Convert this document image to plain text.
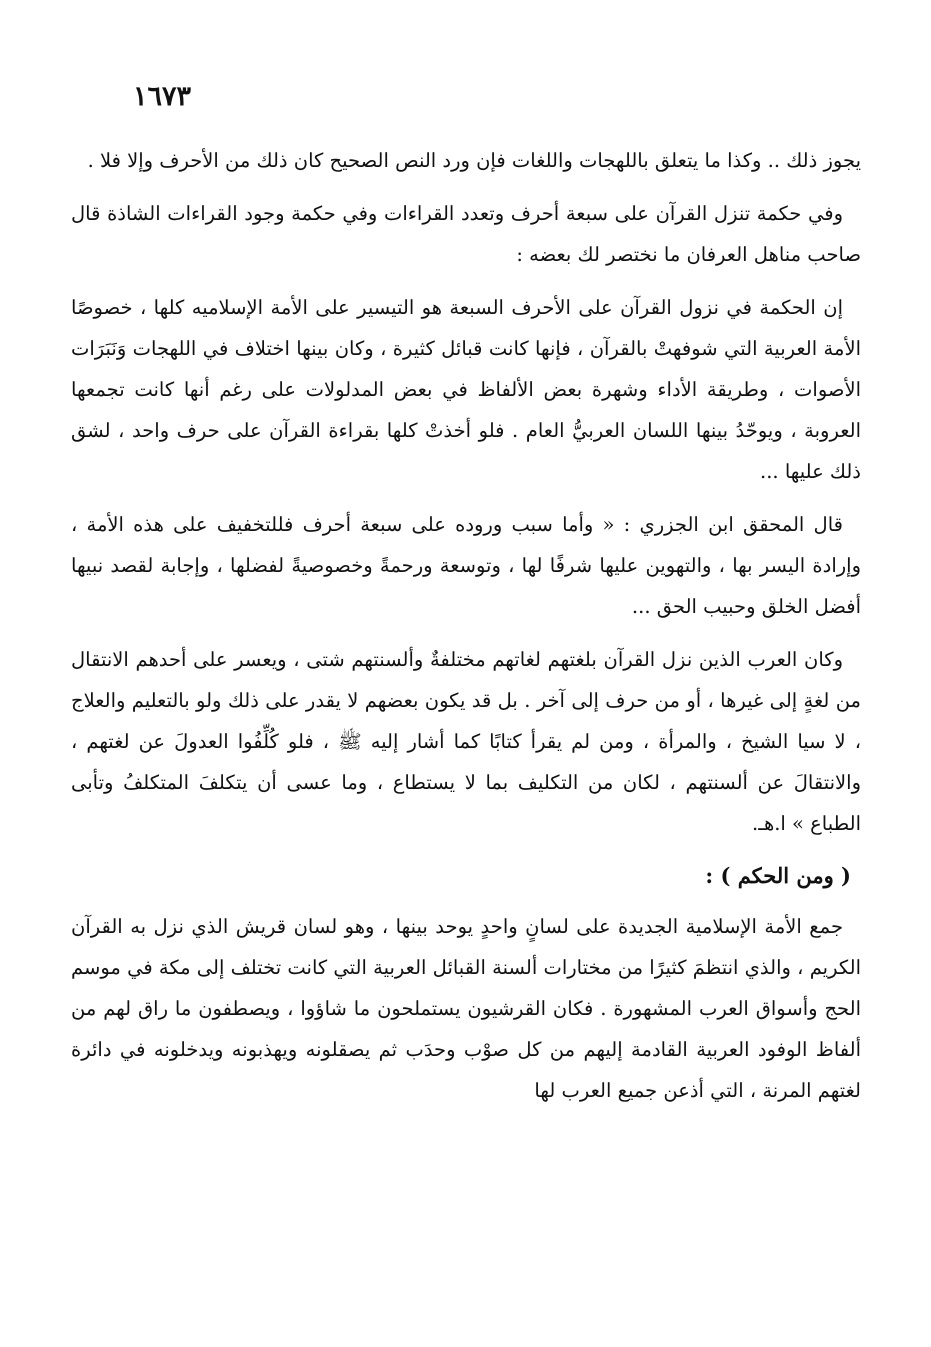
١٦٧٣

يجوز ذلك .. وكذا ما يتعلق باللهجات واللغات فإن ورد النص الصحيح كان ذلك من الأحرف وإلا فلا .

وفي حكمة تنزل القرآن على سبعة أحرف وتعدد القراءات وفي حكمة وجود القراءات الشاذة قال صاحب مناهل العرفان ما نختصر لك بعضه :

إن الحكمة في نزول القرآن على الأحرف السبعة هو التيسير على الأمة الإسلاميه كلها ، خصوصًا الأمة العربية التي شوفهتْ بالقرآن ، فإنها كانت قبائل كثيرة ، وكان بينها اختلاف في اللهجات وَنَبَرَات الأصوات ، وطريقة الأداء وشهرة بعض الألفاظ في بعض المدلولات على رغم أنها كانت تجمعها العروبة ، ويوحّدُ بينها اللسان العربيُّ العام . فلو أخذتْ كلها بقراءة القرآن على حرف واحد ، لشق ذلك عليها ...

قال المحقق ابن الجزري : « وأما سبب وروده على سبعة أحرف فللتخفيف على هذه الأمة ، وإرادة اليسر بها ، والتهوين عليها شرفًا لها ، وتوسعة ورحمةً وخصوصيةً لفضلها ، وإجابة لقصد نبيها أفضل الخلق وحبيب الحق ...

وكان العرب الذين نزل القرآن بلغتهم لغاتهم مختلفةٌ وألسنتهم شتى ، ويعسر على أحدهم الانتقال من لغةٍ إلى غيرها ، أو من حرف إلى آخر . بل قد يكون بعضهم لا يقدر على ذلك ولو بالتعليم والعلاج ، لا سيا الشيخ ، والمرأة ، ومن لم يقرأ كتابًا كما أشار إليه ﷺ ، فلو كُلِّفُوا العدولَ عن لغتهم ، والانتقالَ عن ألسنتهم ، لكان من التكليف بما لا يستطاع ، وما عسى أن يتكلفَ المتكلفُ وتأبى الطباع » ا.هـ.

( ومن الحكم ) :

جمع الأمة الإسلامية الجديدة على لسانٍ واحدٍ يوحد بينها ، وهو لسان قريش الذي نزل به القرآن الكريم ، والذي انتظمَ كثيرًا من مختارات ألسنة القبائل العربية التي كانت تختلف إلى مكة في موسم الحج وأسواق العرب المشهورة . فكان القرشيون يستملحون ما شاؤوا ، ويصطفون ما راق لهم من ألفاظ الوفود العربية القادمة إليهم من كل صوْب وحدَب ثم يصقلونه ويهذبونه ويدخلونه في دائرة لغتهم المرنة ، التي أذعن جميع العرب لها
